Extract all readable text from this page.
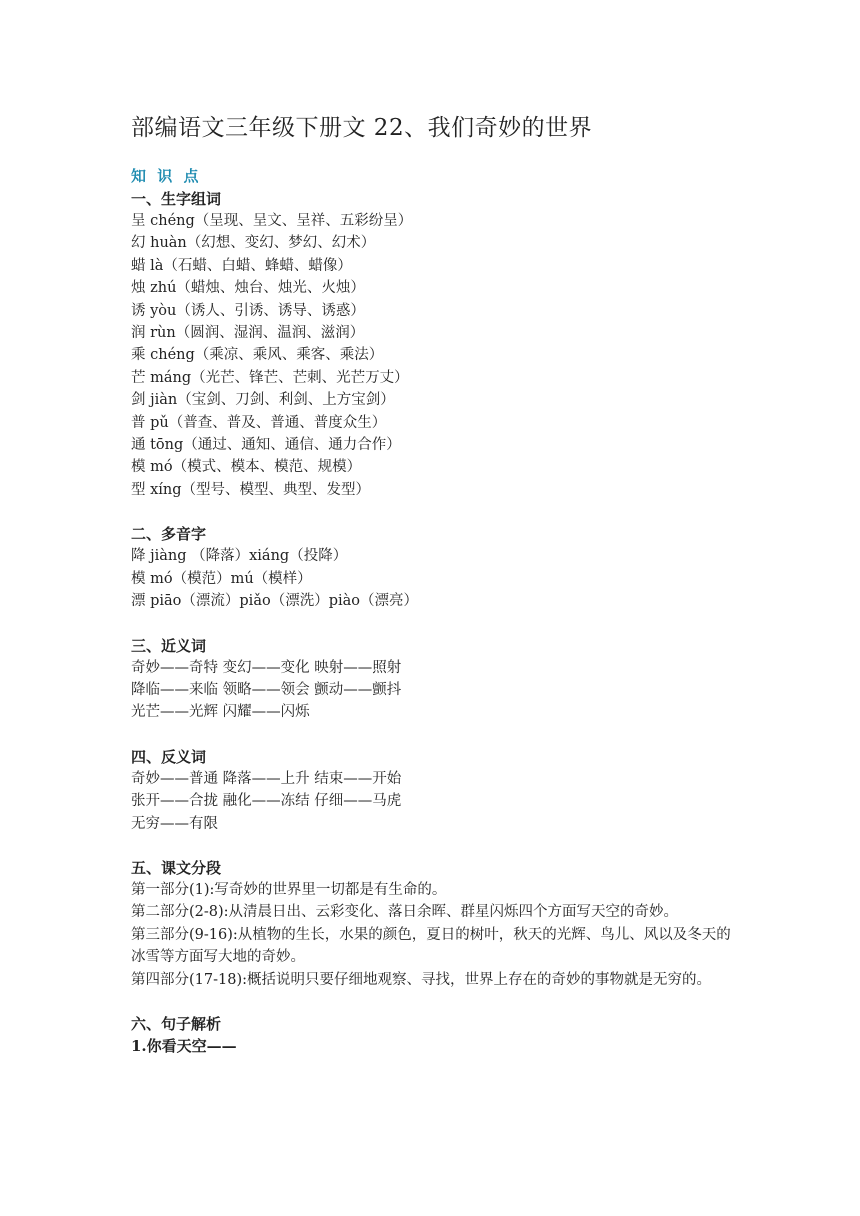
部编语文三年级下册文 22、我们奇妙的世界
知 识 点
一、生字组词
呈 chéng（呈现、呈文、呈祥、五彩纷呈）
幻 huàn（幻想、变幻、梦幻、幻术）
蜡 là（石蜡、白蜡、蜂蜡、蜡像）
烛 zhú（蜡烛、烛台、烛光、火烛）
诱 yòu（诱人、引诱、诱导、诱惑）
润 rùn（圆润、湿润、温润、滋润）
乘 chéng（乘凉、乘风、乘客、乘法）
芒 máng（光芒、锋芒、芒刺、光芒万丈）
剑 jiàn（宝剑、刀剑、利剑、上方宝剑）
普 pǔ（普查、普及、普通、普度众生）
通 tōng（通过、通知、通信、通力合作）
模 mó（模式、模本、模范、规模）
型 xíng（型号、模型、典型、发型）
二、多音字
降 jiàng （降落）xiáng（投降）
模 mó（模范）mú（模样）
漂 piāo（漂流）piǎo（漂洗）piào（漂亮）
三、近义词
奇妙——奇特 变幻——变化 映射——照射
降临——来临 领略——领会 颤动——颤抖
光芒——光辉 闪耀——闪烁
四、反义词
奇妙——普通 降落——上升 结束——开始
张开——合拢 融化——冻结 仔细——马虎
无穷——有限
五、课文分段
第一部分(1):写奇妙的世界里一切都是有生命的。
第二部分(2-8):从清晨日出、云彩变化、落日余晖、群星闪烁四个方面写天空的奇妙。
第三部分(9-16):从植物的生长，水果的颜色，夏日的树叶，秋天的光辉、鸟儿、风以及冬天的冰雪等方面写大地的奇妙。
第四部分(17-18):概括说明只要仔细地观察、寻找，世界上存在的奇妙的事物就是无穷的。
六、句子解析
1.你看天空——
